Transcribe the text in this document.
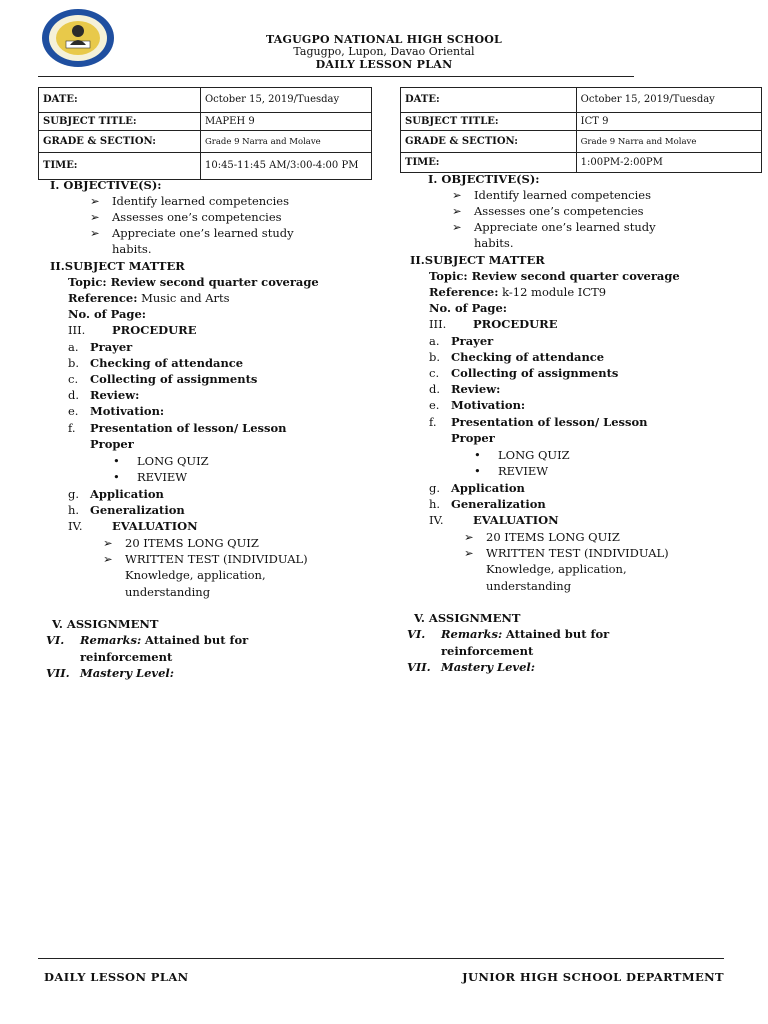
TAGUGPO NATIONAL HIGH SCHOOL
Tagugpo, Lupon, Davao Oriental
DAILY LESSON PLAN
DATE:	October 15, 2019/Tuesday
SUBJECT TITLE:	MAPEH 9
GRADE & SECTION:	Grade 9 Narra and Molave
TIME:	10:45-11:45 AM/3:00-4:00 PM
DATE:	October 15, 2019/Tuesday
SUBJECT TITLE:	ICT 9
GRADE & SECTION:	Grade 9 Narra and Molave
TIME:	1:00PM-2:00PM
I. OBJECTIVE(S):
➢ Identify learned competencies
➢ Assesses one’s competencies
➢ Appreciate one’s learned study
habits.
II.SUBJECT MATTER
Topic: Review second quarter coverage
Reference: Music and Arts
No. of Page:
III. PROCEDURE
a. Prayer
b. Checking of attendance
c. Collecting of assignments
d. Review:
e. Motivation:
f. Presentation of lesson/ Lesson
Proper
• LONG QUIZ
• REVIEW
g. Application
h. Generalization
IV.	EVALUATION
➢ 20 ITEMS LONG QUIZ
➢ WRITTEN TEST (INDIVIDUAL)
Knowledge, application,
understanding
V. ASSIGNMENT
VI. Remarks: Attained but for
reinforcement
VII. Mastery Level:
I. OBJECTIVE(S):
➢ Identify learned competencies
➢ Assesses one’s competencies
➢ Appreciate one’s learned study
habits.
II.SUBJECT MATTER
Topic: Review second quarter coverage
Reference: k-12 module ICT9
No. of Page:
III. PROCEDURE
a. Prayer
b. Checking of attendance
c. Collecting of assignments
d. Review:
e. Motivation:
f. Presentation of lesson/ Lesson
Proper
• LONG QUIZ
• REVIEW
g. Application
h. Generalization
IV.	EVALUATION
➢ 20 ITEMS LONG QUIZ
➢ WRITTEN TEST (INDIVIDUAL)
Knowledge, application,
understanding
V. ASSIGNMENT
VI. Remarks: Attained but for
reinforcement
VII. Mastery Level:
DAILY LESSON PLAN	JUNIOR HIGH SCHOOL DEPARTMENT
